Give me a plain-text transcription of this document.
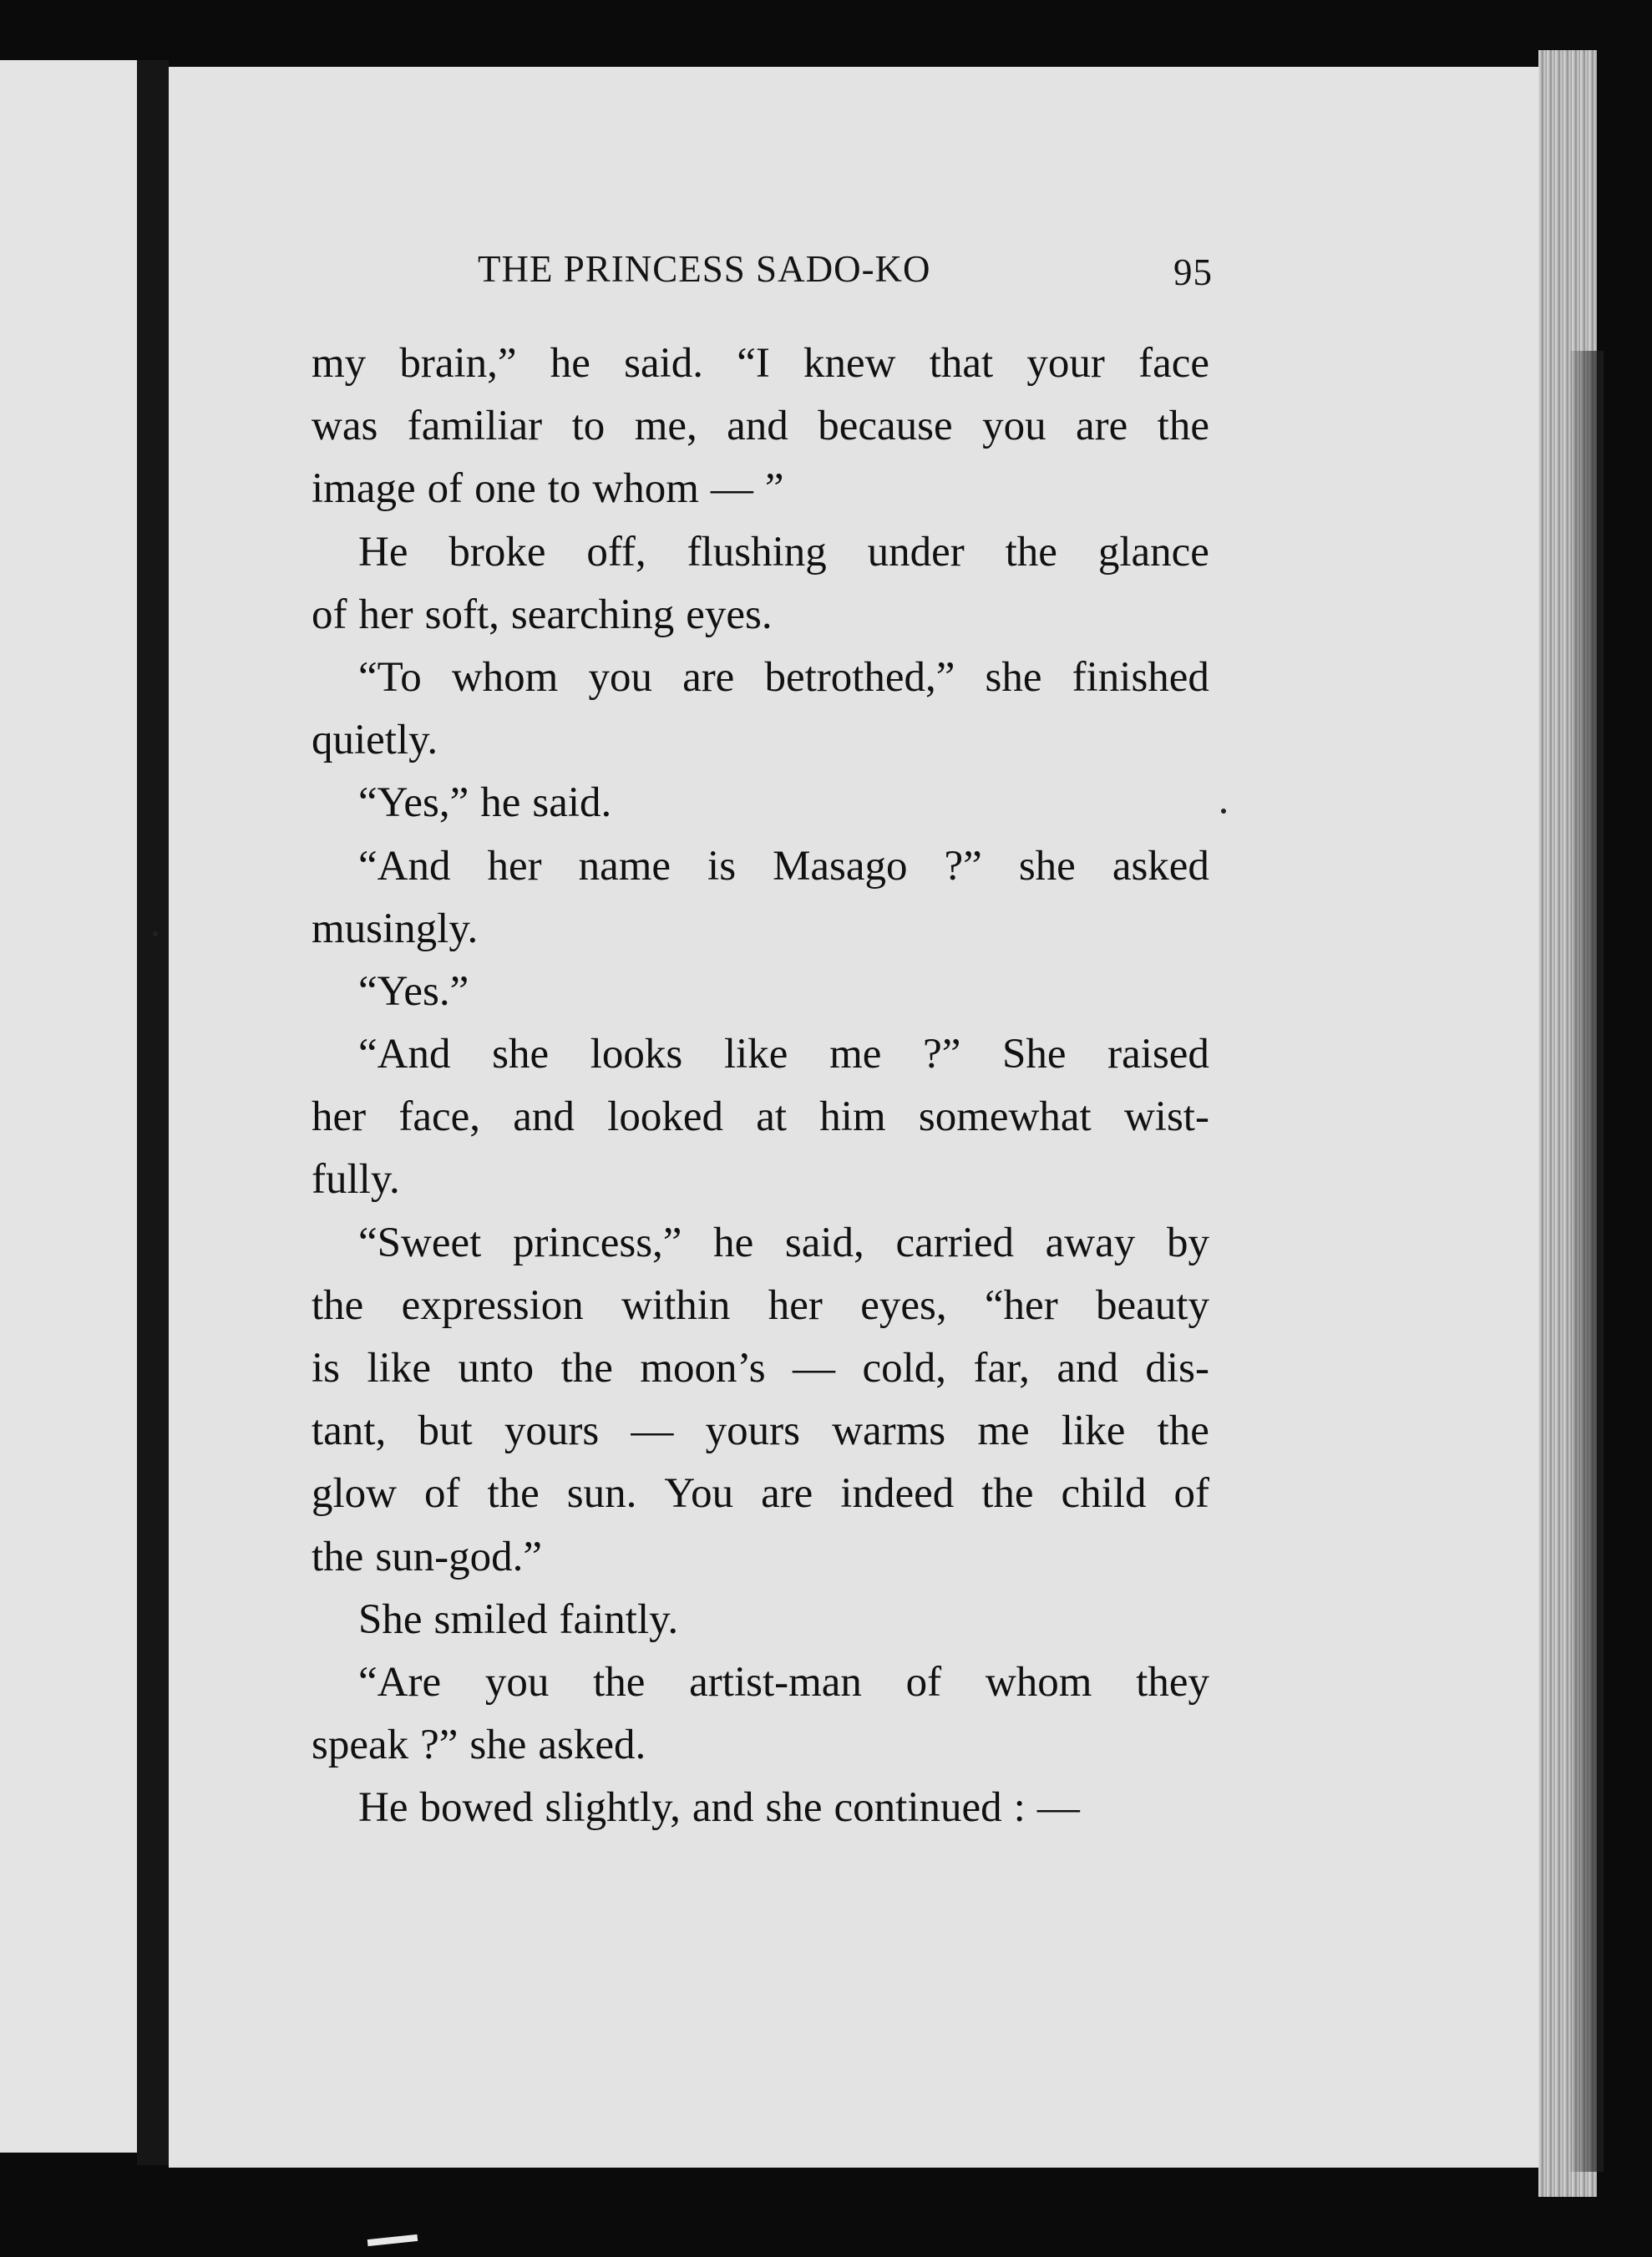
THE PRINCESS SADO-KO	95
my brain,” he said. “I knew that your face
was familiar to me, and because you are the
image of one to whom — ”
He broke off, flushing under the glance
of her soft, searching eyes.
“To whom you are betrothed,” she finished
quietly.
“Yes,” he said.
“And her name is Masago ?” she asked
musingly.
“Yes.”
“And she looks like me ?” She raised
her face, and looked at him somewhat wist-
fully.
“Sweet princess,” he said, carried away by
the expression within her eyes, “her beauty
is like unto the moon’s — cold, far, and dis-
tant, but yours — yours warms me like the
glow of the sun. You are indeed the child of
the sun-god.”
She smiled faintly.
“Are you the artist-man of whom they
speak ?” she asked.
He bowed slightly, and she continued : —
